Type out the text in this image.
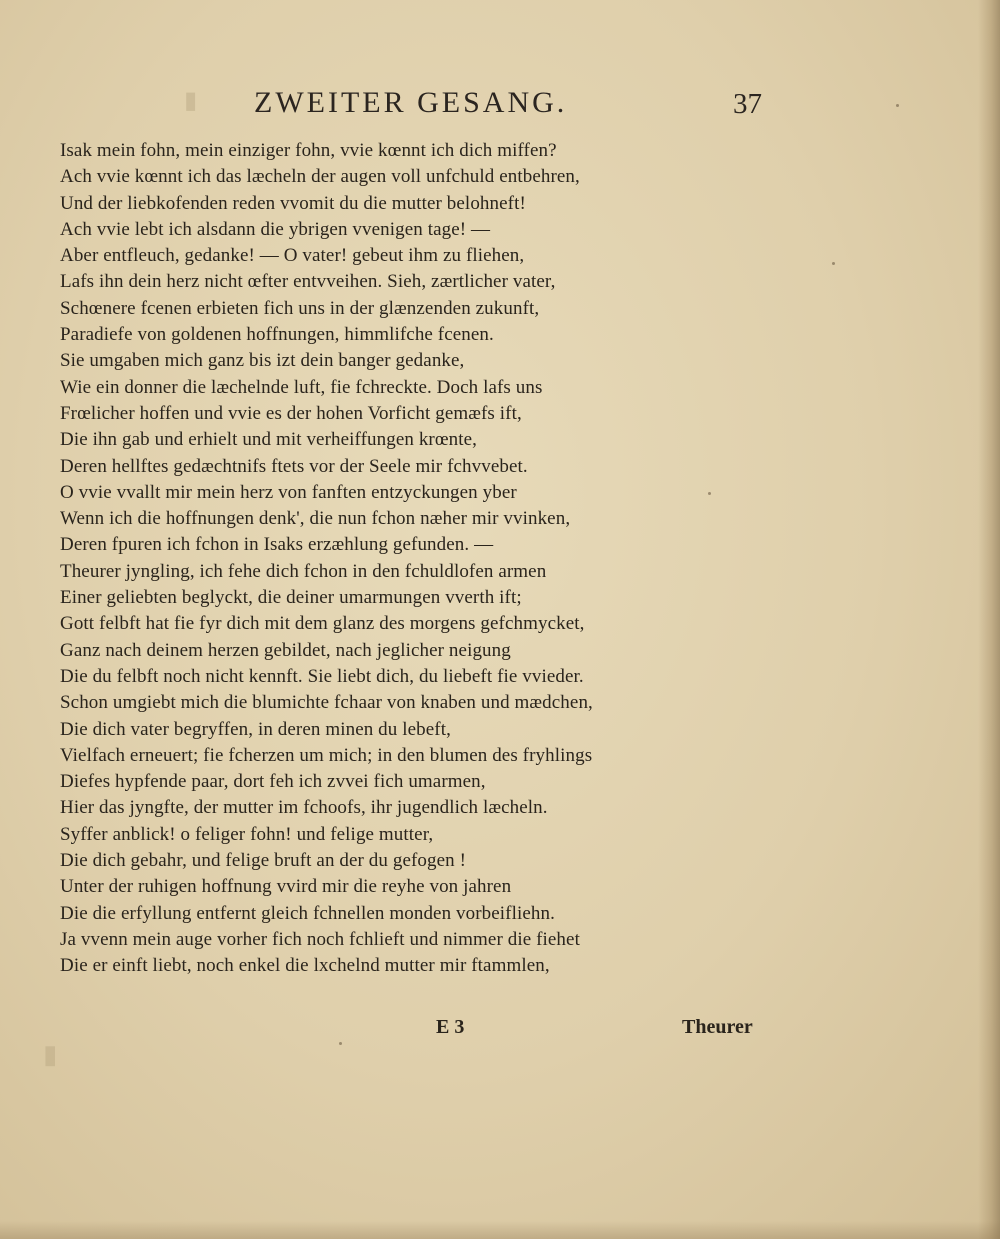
▮
▮
ZWEITER GESANG.	37
Isak mein fohn, mein einziger fohn, vvie kœnnt ich dich miffen?
Ach vvie kœnnt ich das læcheln der augen voll unfchuld entbehren,
Und der liebkofenden reden vvomit du die mutter belohneft!
Ach vvie lebt ich alsdann die ybrigen vvenigen tage! —
Aber entfleuch, gedanke! — O vater! gebeut ihm zu fliehen,
Lafs ihn dein herz nicht œfter entvveihen. Sieh, zærtlicher vater,
Schœnere fcenen erbieten fich uns in der glænzenden zukunft,
Paradiefe von goldenen hoffnungen, himmlifche fcenen.
Sie umgaben mich ganz bis izt dein banger gedanke,
Wie ein donner die læchelnde luft, fie fchreckte. Doch lafs uns
Frœlicher hoffen und vvie es der hohen Vorficht gemæfs ift,
Die ihn gab und erhielt und mit verheiffungen krœnte,
Deren hellftes gedæchtnifs ftets vor der Seele mir fchvvebet.
O vvie vvallt mir mein herz von fanften entzyckungen yber
Wenn ich die hoffnungen denk', die nun fchon næher mir vvinken,
Deren fpuren ich fchon in Isaks erzæhlung gefunden. —
Theurer jyngling, ich fehe dich fchon in den fchuldlofen armen
Einer geliebten beglyckt, die deiner umarmungen vverth ift;
Gott felbft hat fie fyr dich mit dem glanz des morgens gefchmycket,
Ganz nach deinem herzen gebildet, nach jeglicher neigung
Die du felbft noch nicht kennft. Sie liebt dich, du liebeft fie vvieder.
Schon umgiebt mich die blumichte fchaar von knaben und mædchen,
Die dich vater begryffen, in deren minen du lebeft,
Vielfach erneuert; fie fcherzen um mich; in den blumen des fryhlings
Diefes hypfende paar, dort feh ich zvvei fich umarmen,
Hier das jyngfte, der mutter im fchoofs, ihr jugendlich læcheln.
Syffer anblick! o feliger fohn! und felige mutter,
Die dich gebahr, und felige bruft an der du gefogen !
Unter der ruhigen hoffnung vvird mir die reyhe von jahren
Die die erfyllung entfernt gleich fchnellen monden vorbeifliehn.
Ja vvenn mein auge vorher fich noch fchlieft und nimmer die fiehet
Die er einft liebt, noch enkel die lxchelnd mutter mir ftammlen,
E 3	Theurer
